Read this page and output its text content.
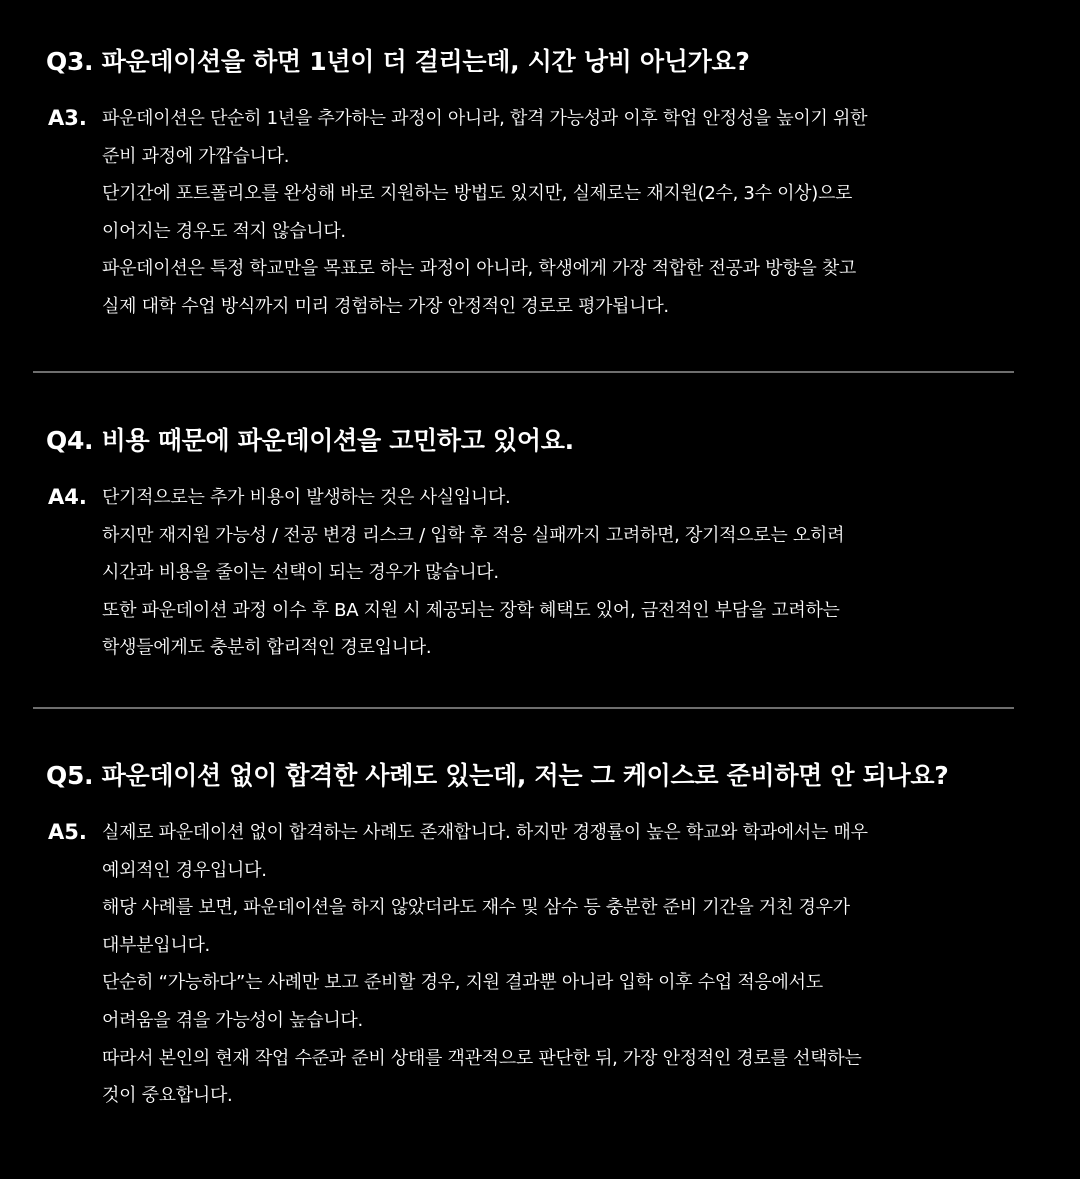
Q3. 파운데이션을 하면 1년이 더 걸리는데, 시간 낭비 아닌가요?
A3. 파운데이션은 단순히 1년을 추가하는 과정이 아니라, 합격 가능성과 이후 학업 안정성을 높이기 위한
준비 과정에 가깝습니다.
단기간에 포트폴리오를 완성해 바로 지원하는 방법도 있지만, 실제로는 재지원(2수, 3수 이상)으로
이어지는 경우도 적지 않습니다.
파운데이션은 특정 학교만을 목표로 하는 과정이 아니라, 학생에게 가장 적합한 전공과 방향을 찾고
실제 대학 수업 방식까지 미리 경험하는 가장 안정적인 경로로 평가됩니다.
Q4. 비용 때문에 파운데이션을 고민하고 있어요.
A4. 단기적으로는 추가 비용이 발생하는 것은 사실입니다.
하지만 재지원 가능성 / 전공 변경 리스크 / 입학 후 적응 실패까지 고려하면, 장기적으로는 오히려
시간과 비용을 줄이는 선택이 되는 경우가 많습니다.
또한 파운데이션 과정 이수 후 BA 지원 시 제공되는 장학 혜택도 있어, 금전적인 부담을 고려하는
학생들에게도 충분히 합리적인 경로입니다.
Q5. 파운데이션 없이 합격한 사례도 있는데, 저는 그 케이스로 준비하면 안 되나요?
A5. 실제로 파운데이션 없이 합격하는 사례도 존재합니다. 하지만 경쟁률이 높은 학교와 학과에서는 매우
예외적인 경우입니다.
해당 사례를 보면, 파운데이션을 하지 않았더라도 재수 및 삼수 등 충분한 준비 기간을 거친 경우가
대부분입니다.
단순히 “가능하다”는 사례만 보고 준비할 경우, 지원 결과뿐 아니라 입학 이후 수업 적응에서도
어려움을 겪을 가능성이 높습니다.
따라서 본인의 현재 작업 수준과 준비 상태를 객관적으로 판단한 뒤, 가장 안정적인 경로를 선택하는
것이 중요합니다.
